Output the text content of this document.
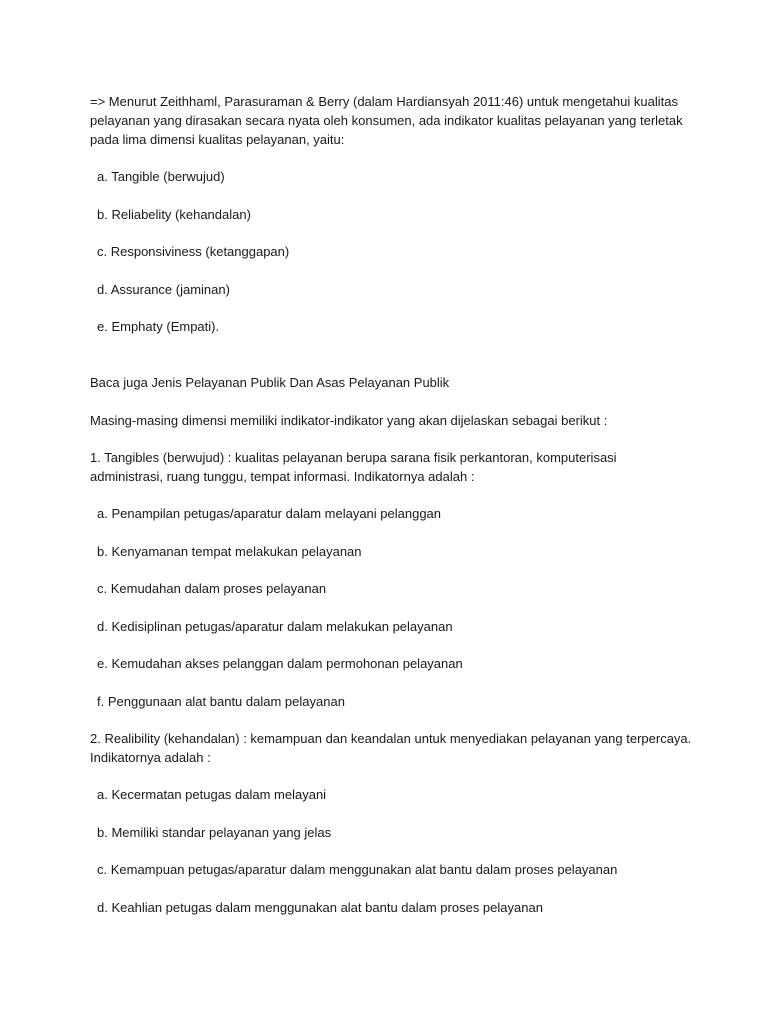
=> Menurut Zeithhaml, Parasuraman & Berry (dalam Hardiansyah 2011:46) untuk mengetahui kualitas
pelayanan yang dirasakan secara nyata oleh konsumen, ada indikator kualitas pelayanan yang terletak
pada lima dimensi kualitas pelayanan, yaitu:

a. Tangible (berwujud)

b. Reliabelity (kehandalan)

c. Responsiviness (ketanggapan)

d. Assurance (jaminan)

e. Emphaty (Empati).

Baca juga Jenis Pelayanan Publik Dan Asas Pelayanan Publik

Masing-masing dimensi memiliki indikator-indikator yang akan dijelaskan sebagai berikut :

1. Tangibles (berwujud) : kualitas pelayanan berupa sarana fisik perkantoran, komputerisasi
administrasi, ruang tunggu, tempat informasi. Indikatornya adalah :

a. Penampilan petugas/aparatur dalam melayani pelanggan

b. Kenyamanan tempat melakukan pelayanan

c. Kemudahan dalam proses pelayanan

d. Kedisiplinan petugas/aparatur dalam melakukan pelayanan

e. Kemudahan akses pelanggan dalam permohonan pelayanan

f. Penggunaan alat bantu dalam pelayanan

2. Realibility (kehandalan) : kemampuan dan keandalan untuk menyediakan pelayanan yang terpercaya.
Indikatornya adalah :

a. Kecermatan petugas dalam melayani

b. Memiliki standar pelayanan yang jelas

c. Kemampuan petugas/aparatur dalam menggunakan alat bantu dalam proses pelayanan

d. Keahlian petugas dalam menggunakan alat bantu dalam proses pelayanan
